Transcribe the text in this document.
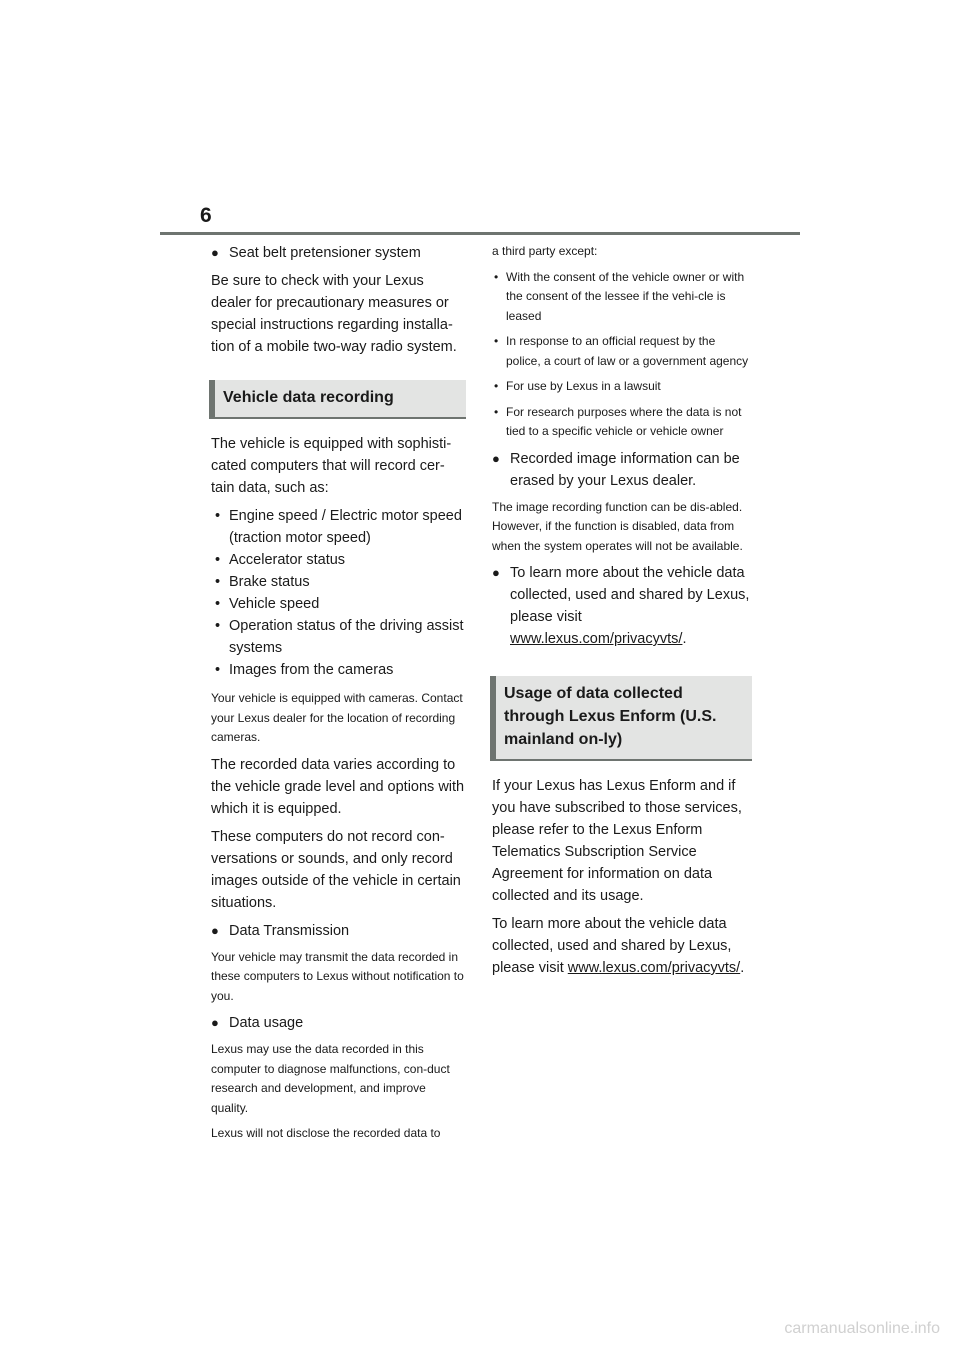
6
● Seat belt pretensioner system

Be sure to check with your Lexus dealer for precautionary measures or special instructions regarding installa-tion of a mobile two-way radio system.

Vehicle data recording

The vehicle is equipped with sophisti-cated computers that will record cer-tain data, such as:

• Engine speed / Electric motor speed (traction motor speed)
• Accelerator status
• Brake status
• Vehicle speed
• Operation status of the driving assist systems
• Images from the cameras

Your vehicle is equipped with cameras. Contact your Lexus dealer for the location of recording cameras.

The recorded data varies according to the vehicle grade level and options with which it is equipped.

These computers do not record con-versations or sounds, and only record images outside of the vehicle in certain situations.

● Data Transmission

Your vehicle may transmit the data recorded in these computers to Lexus without notification to you.

● Data usage

Lexus may use the data recorded in this computer to diagnose malfunctions, con-duct research and development, and improve quality.

Lexus will not disclose the recorded data to

a third party except:

• With the consent of the vehicle owner or with the consent of the lessee if the vehi-cle is leased
• In response to an official request by the police, a court of law or a government agency
• For use by Lexus in a lawsuit
• For research purposes where the data is not tied to a specific vehicle or vehicle owner
● Recorded image information can be erased by your Lexus dealer.

The image recording function can be dis-abled. However, if the function is disabled, data from when the system operates will not be available.

● To learn more about the vehicle data collected, used and shared by Lexus, please visit www.lexus.com/privacyvts/.
Usage of data collected through Lexus Enform (U.S. mainland on-ly)

If your Lexus has Lexus Enform and if you have subscribed to those services, please refer to the Lexus Enform Telematics Subscription Service Agreement for information on data collected and its usage.

To learn more about the vehicle data collected, used and shared by Lexus, please visit www.lexus.com/privacyvts/.

carmanualsonline.info
